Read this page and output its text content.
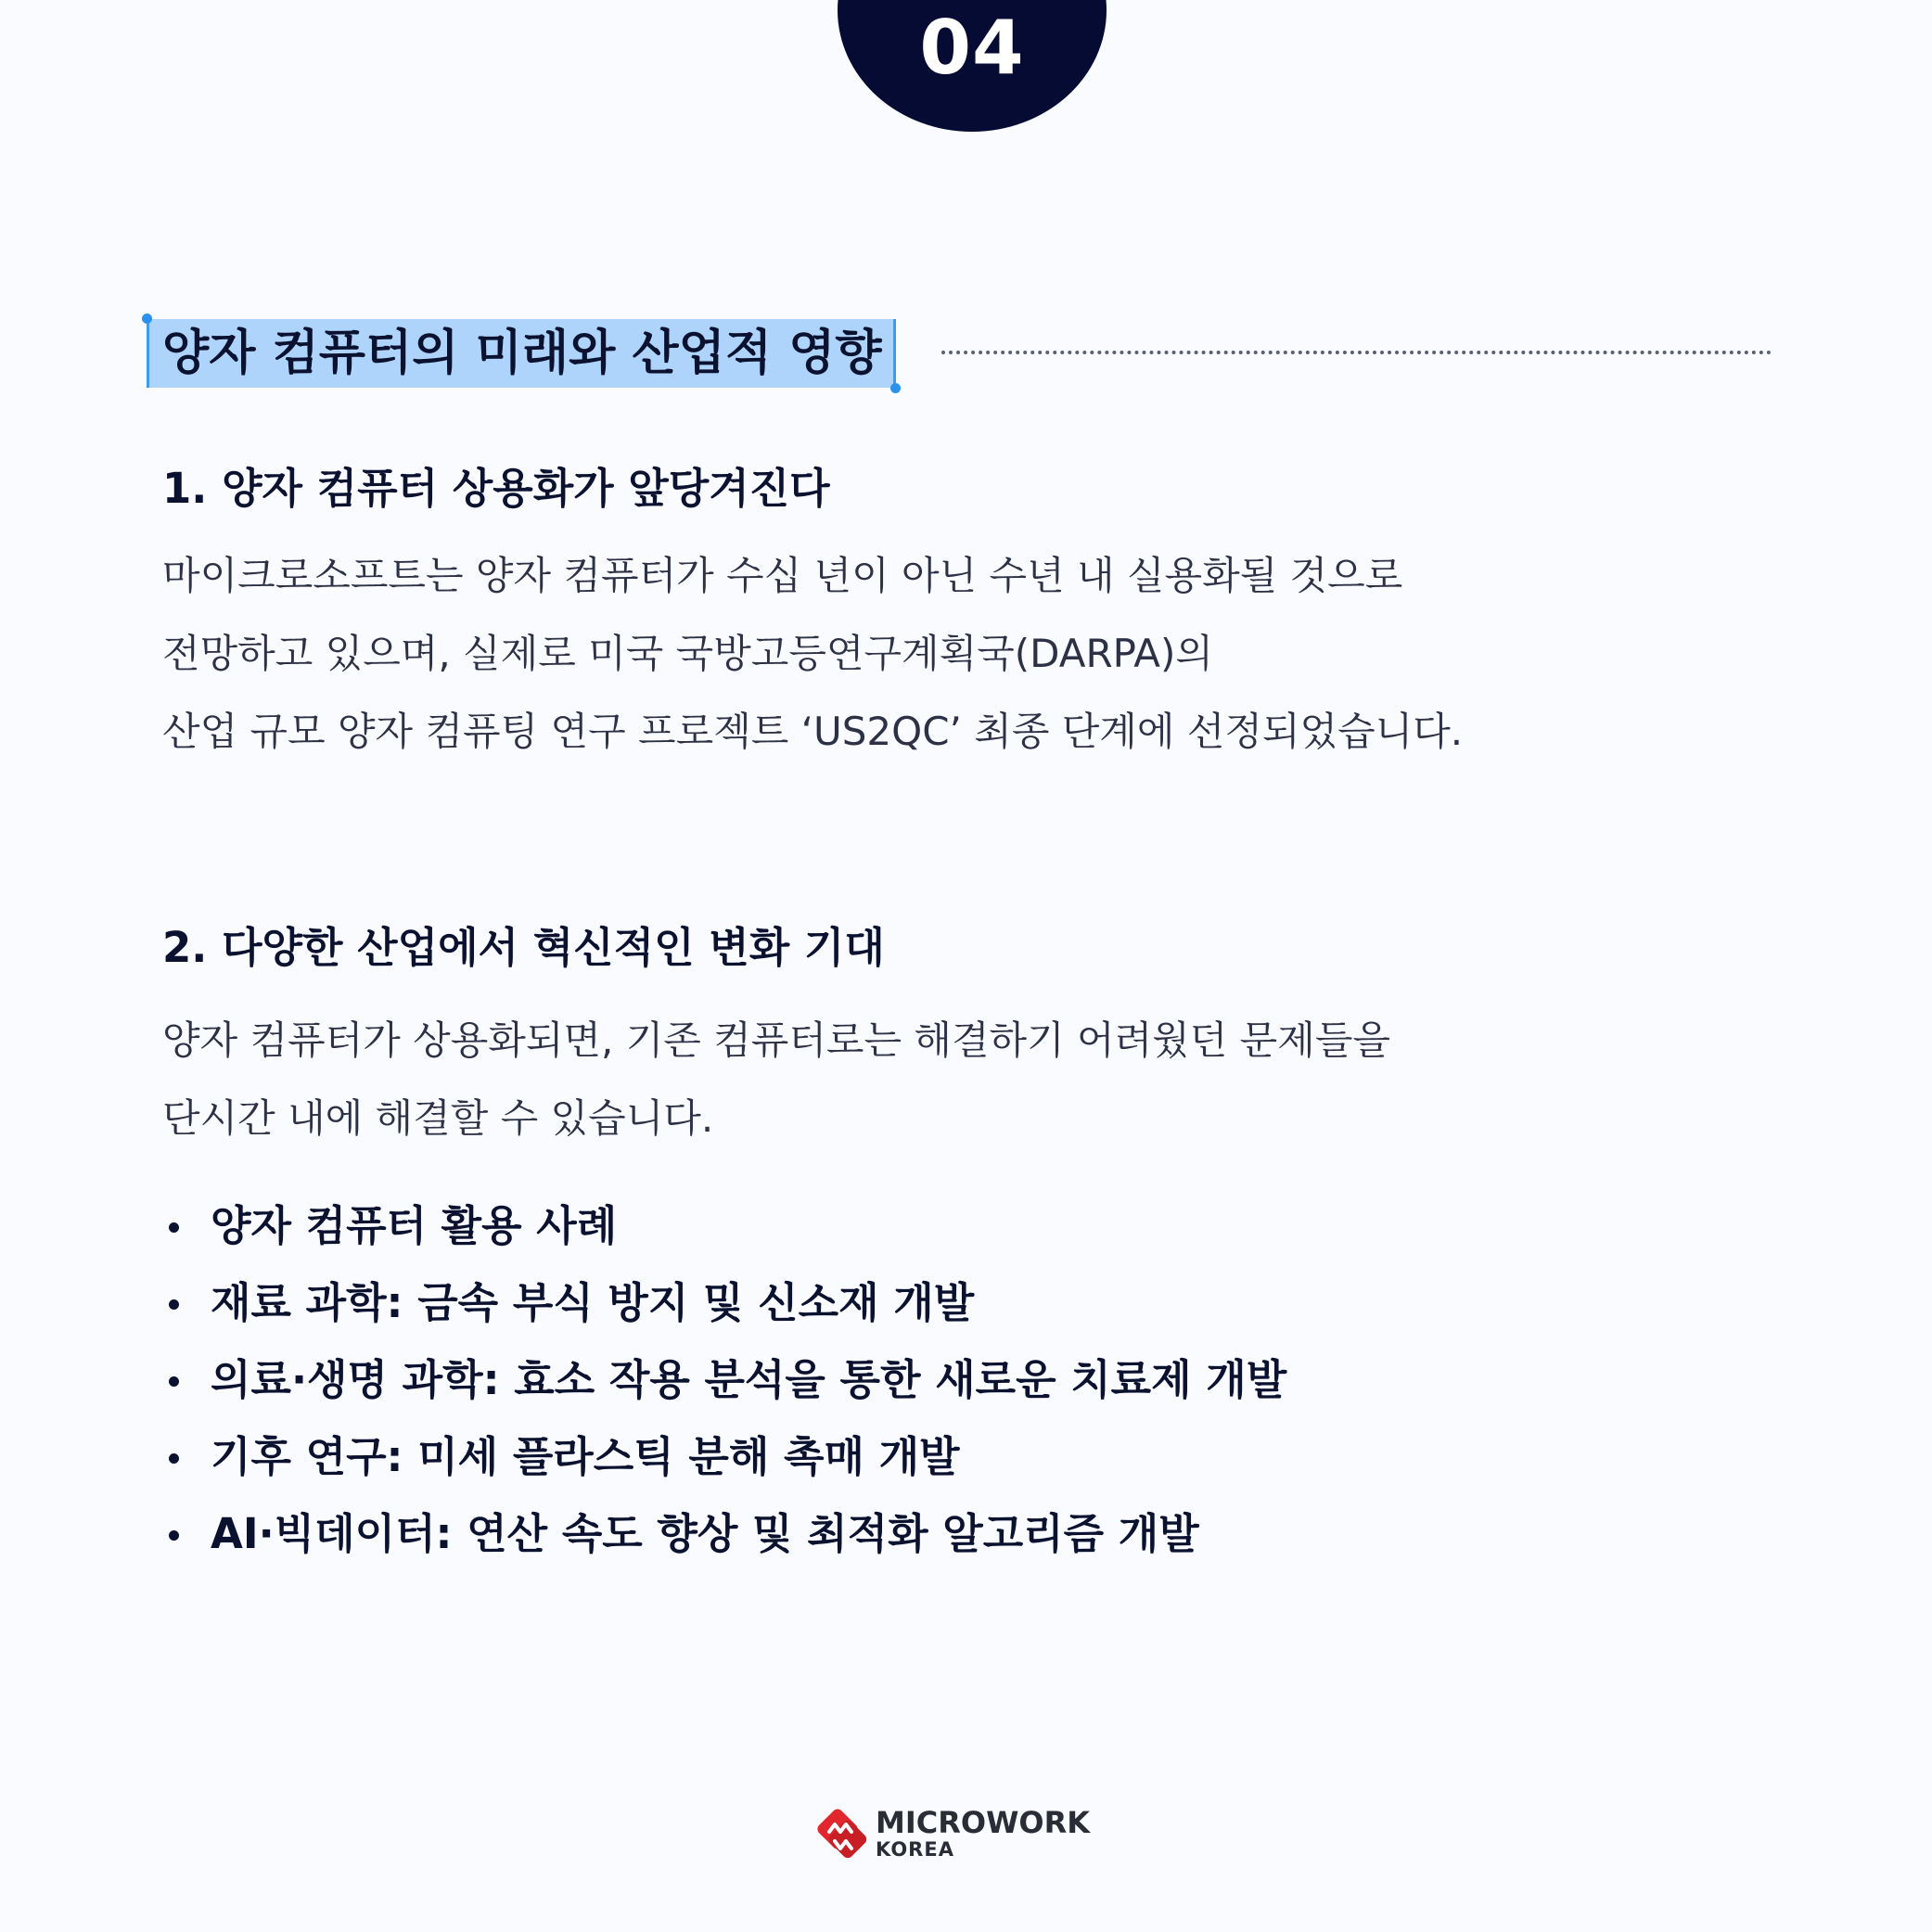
04
양자 컴퓨터의 미래와 산업적 영향
1. 양자 컴퓨터 상용화가 앞당겨진다
마이크로소프트는 양자 컴퓨터가 수십 년이 아닌 수년 내 실용화될 것으로
전망하고 있으며, 실제로 미국 국방고등연구계획국(DARPA)의
산업 규모 양자 컴퓨팅 연구 프로젝트 ‘US2QC’ 최종 단계에 선정되었습니다.
2. 다양한 산업에서 혁신적인 변화 기대
양자 컴퓨터가 상용화되면, 기존 컴퓨터로는 해결하기 어려웠던 문제들을
단시간 내에 해결할 수 있습니다.
양자 컴퓨터 활용 사례
재료 과학: 금속 부식 방지 및 신소재 개발
의료·생명 과학: 효소 작용 분석을 통한 새로운 치료제 개발
기후 연구: 미세 플라스틱 분해 촉매 개발
AI·빅데이터: 연산 속도 향상 및 최적화 알고리즘 개발
MICROWORK
KOREA
